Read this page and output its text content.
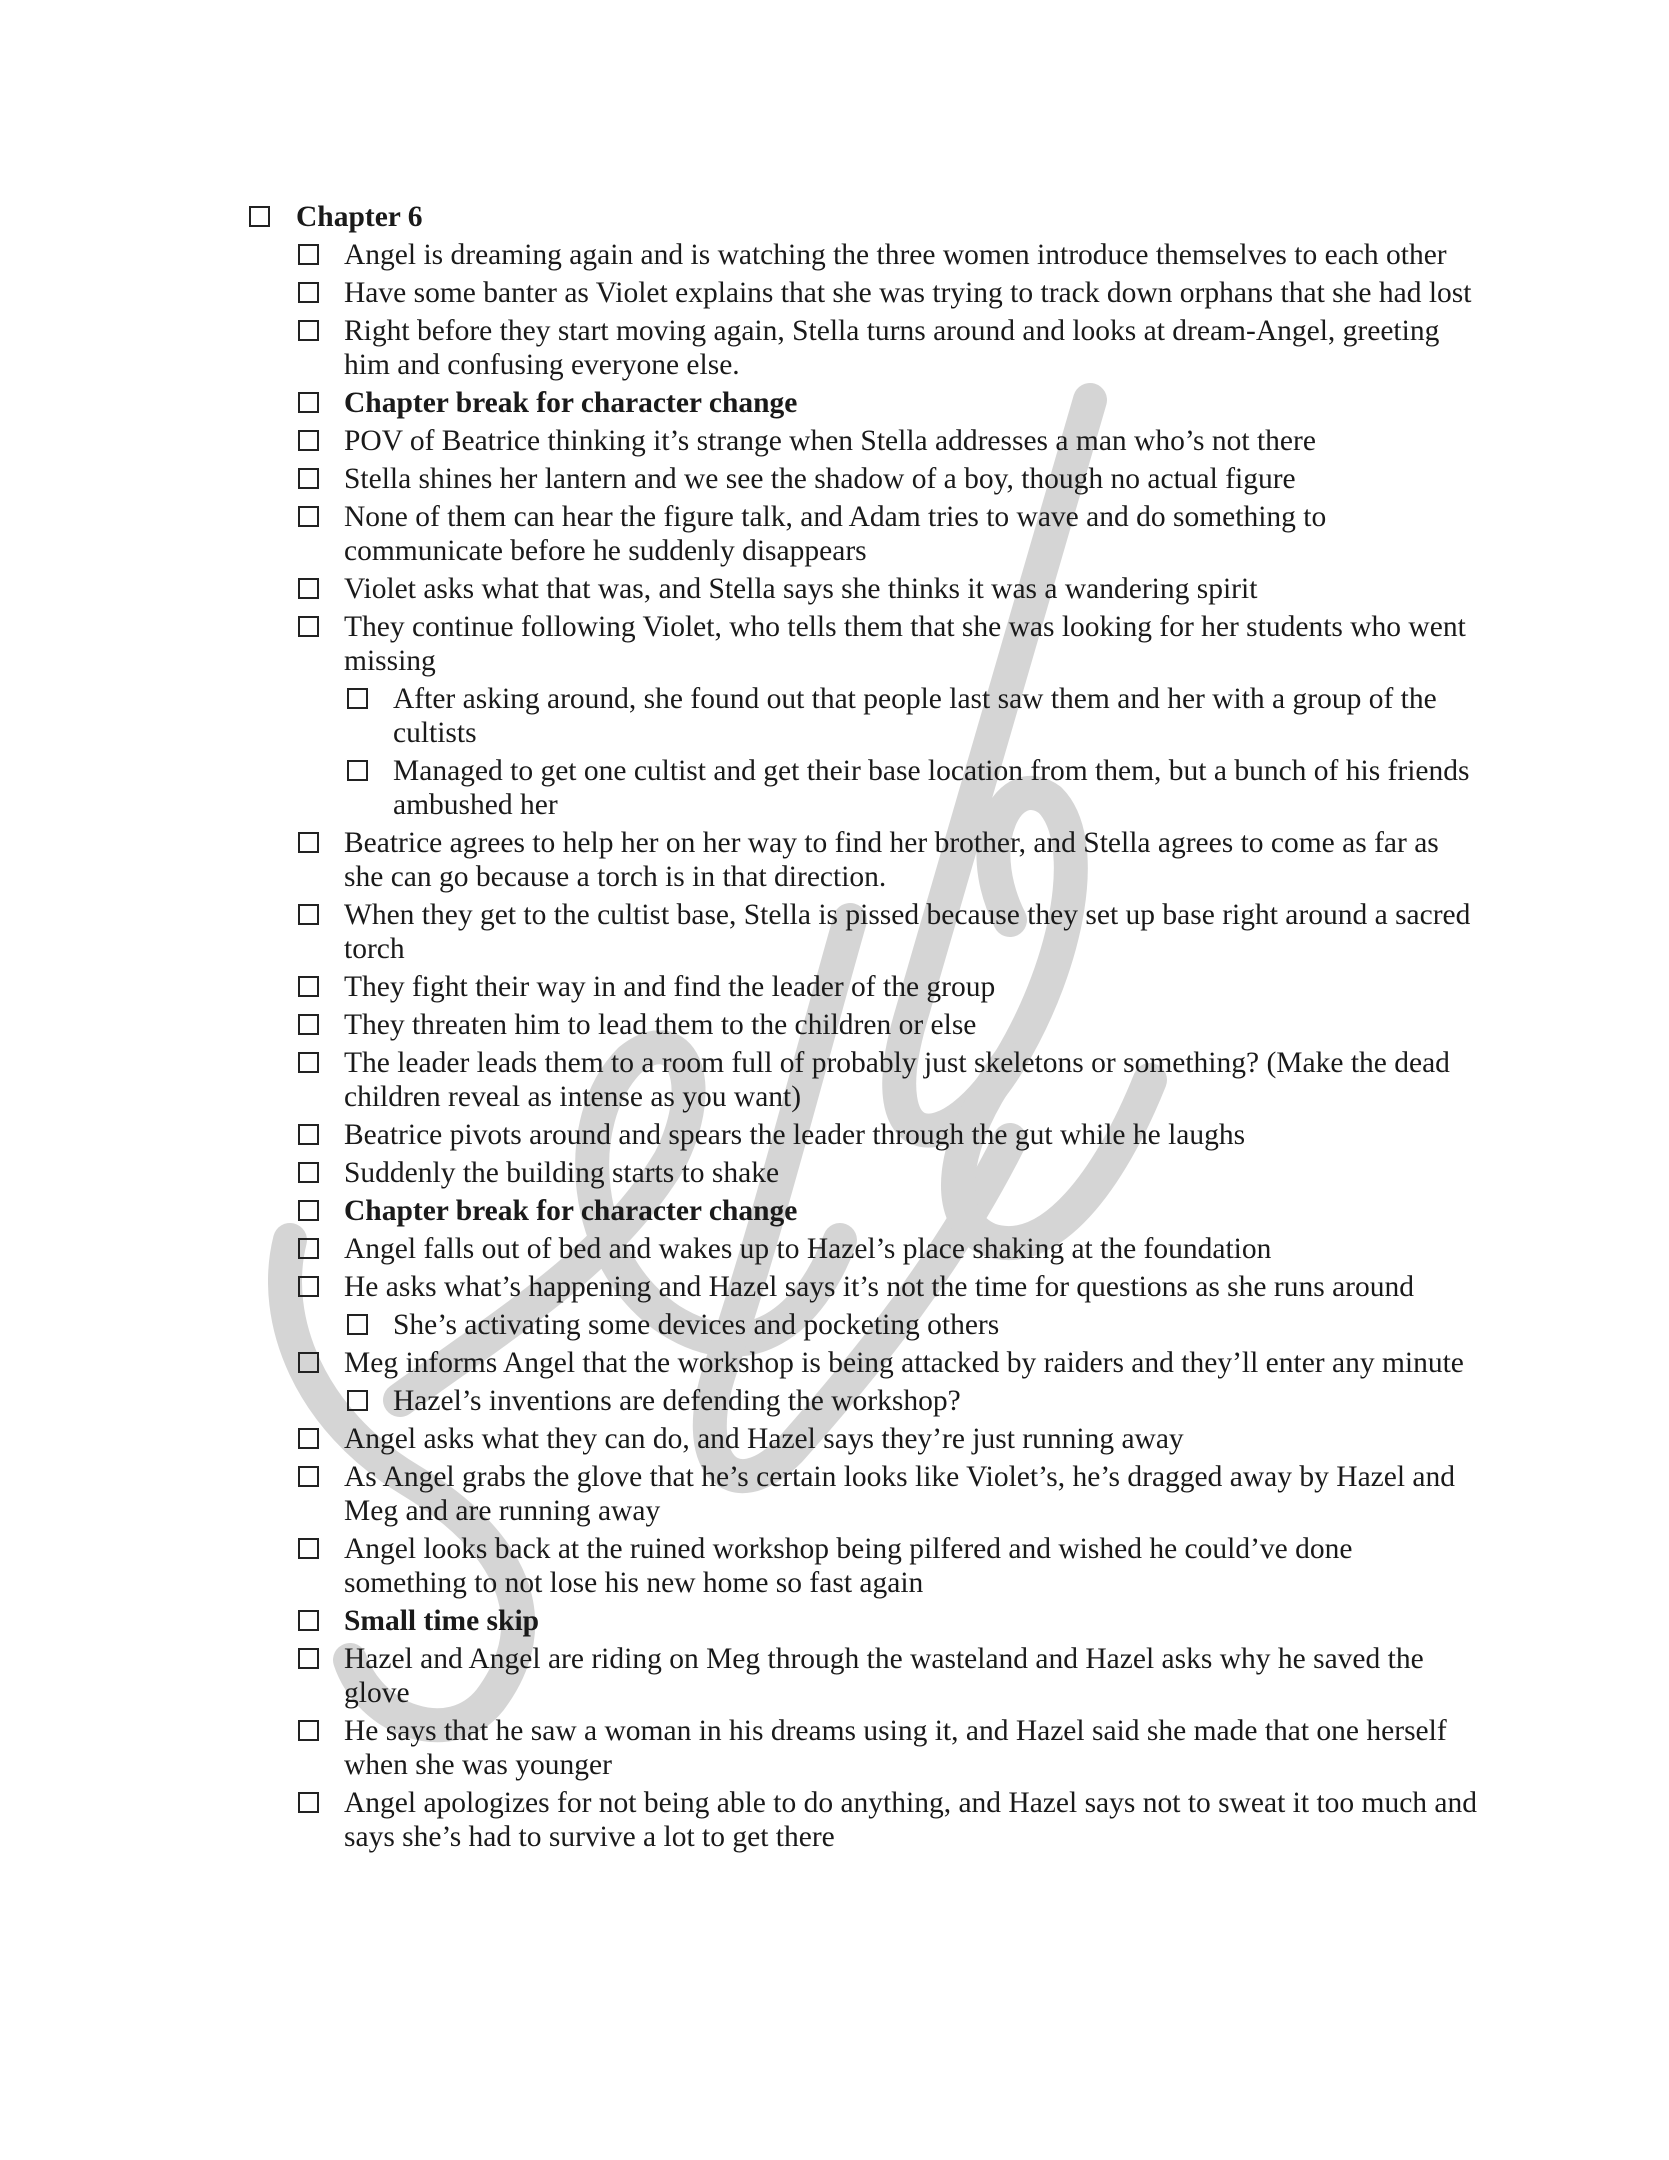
Chapter 6
Angel is dreaming again and is watching the three women introduce themselves to each other
Have some banter as Violet explains that she was trying to track down orphans that she had lost
Right before they start moving again, Stella turns around and looks at dream-Angel, greeting him and confusing everyone else.
Chapter break for character change
POV of Beatrice thinking it’s strange when Stella addresses a man who’s not there
Stella shines her lantern and we see the shadow of a boy, though no actual figure
None of them can hear the figure talk, and Adam tries to wave and do something to communicate before he suddenly disappears
Violet asks what that was, and Stella says she thinks it was a wandering spirit
They continue following Violet, who tells them that she was looking for her students who went missing
After asking around, she found out that people last saw them and her with a group of the cultists
Managed to get one cultist and get their base location from them, but a bunch of his friends ambushed her
Beatrice agrees to help her on her way to find her brother, and Stella agrees to come as far as she can go because a torch is in that direction.
When they get to the cultist base, Stella is pissed because they set up base right around a sacred torch
They fight their way in and find the leader of the group
They threaten him to lead them to the children or else
The leader leads them to a room full of probably just skeletons or something? (Make the dead children reveal as intense as you want)
Beatrice pivots around and spears the leader through the gut while he laughs
Suddenly the building starts to shake
Chapter break for character change
Angel falls out of bed and wakes up to Hazel’s place shaking at the foundation
He asks what’s happening and Hazel says it’s not the time for questions as she runs around
She’s activating some devices and pocketing others
Meg informs Angel that the workshop is being attacked by raiders and they’ll enter any minute
Hazel’s inventions are defending the workshop?
Angel asks what they can do, and Hazel says they’re just running away
As Angel grabs the glove that he’s certain looks like Violet’s, he’s dragged away by Hazel and Meg and are running away
Angel looks back at the ruined workshop being pilfered and wished he could’ve done something to not lose his new home so fast again
Small time skip
Hazel and Angel are riding on Meg through the wasteland and Hazel asks why he saved the glove
He says that he saw a woman in his dreams using it, and Hazel said she made that one herself when she was younger
Angel apologizes for not being able to do anything, and Hazel says not to sweat it too much and says she’s had to survive a lot to get there
